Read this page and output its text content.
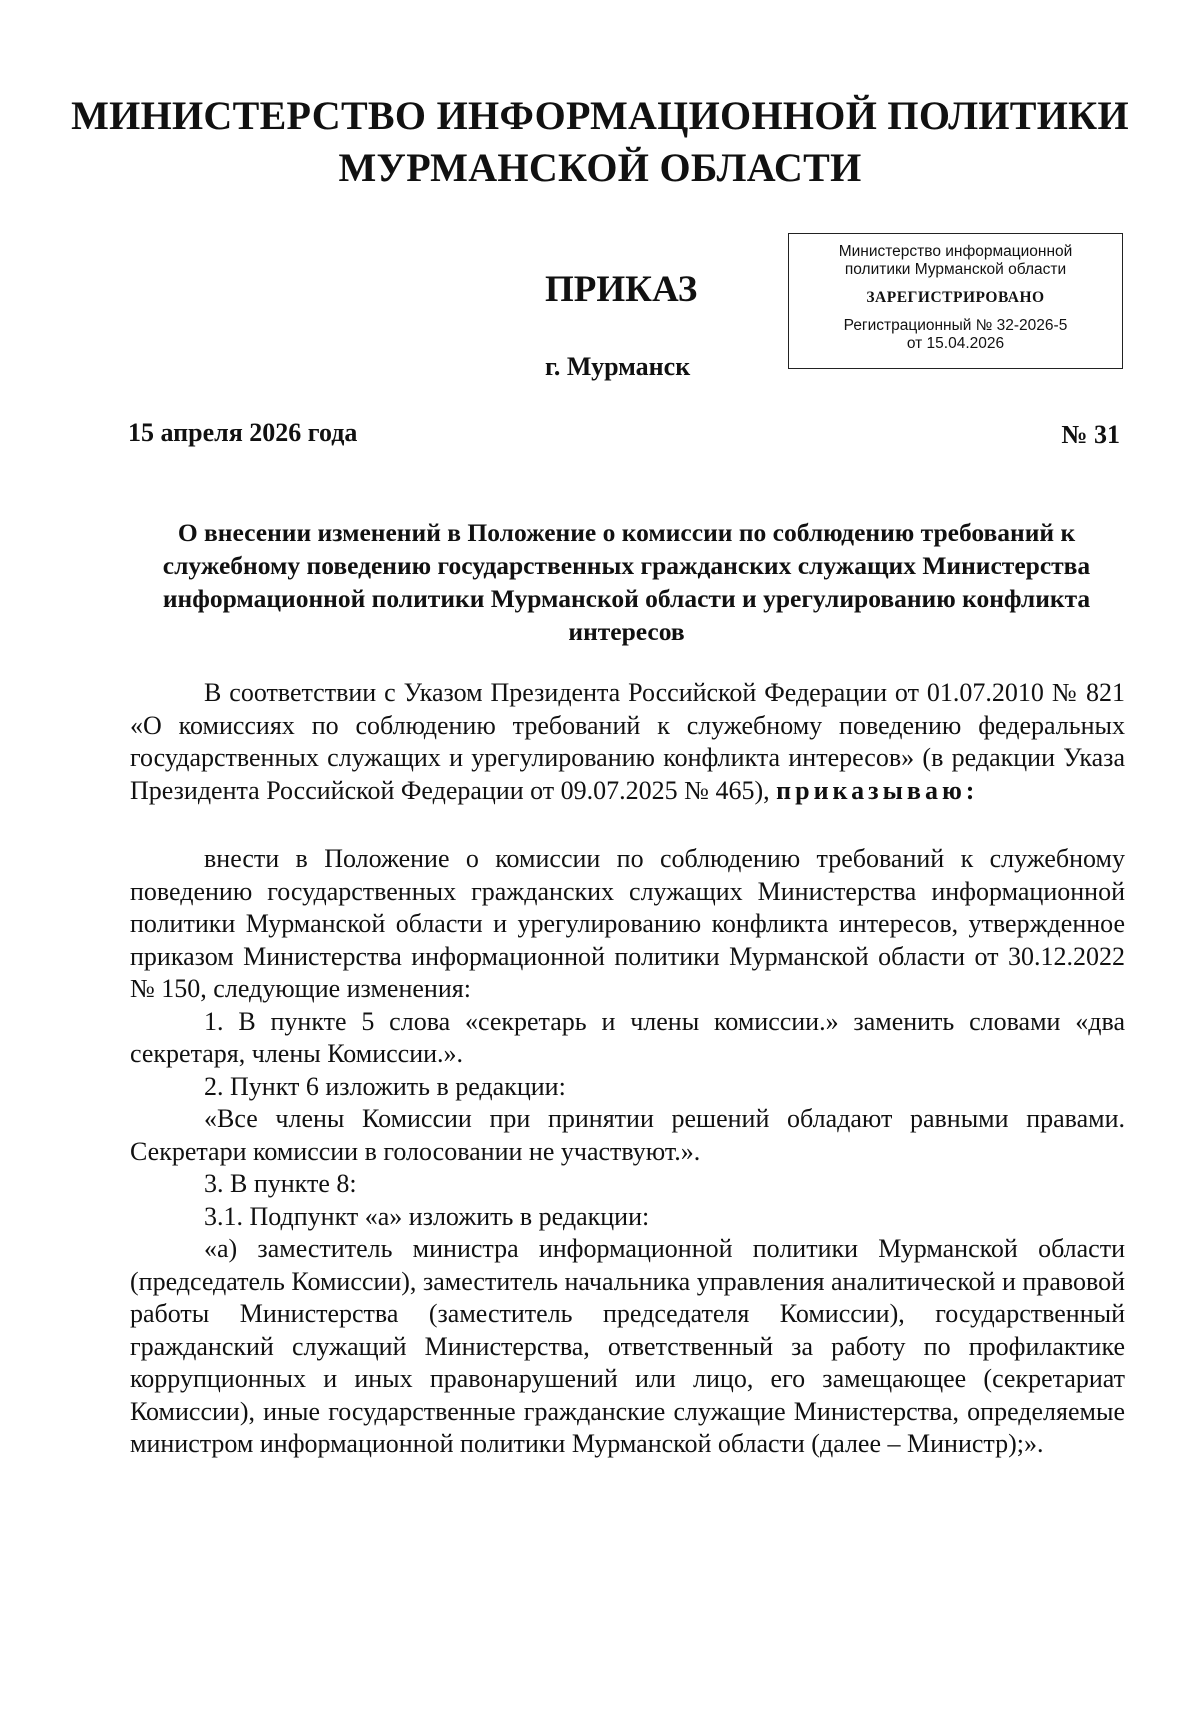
МИНИСТЕРСТВО ИНФОРМАЦИОННОЙ ПОЛИТИКИ
МУРМАНСКОЙ ОБЛАСТИ
ПРИКАЗ
Министерство информационной
политики Мурманской области
ЗАРЕГИСТРИРОВАНО
Регистрационный № 32-2026-5
от 15.04.2026
г. Мурманск
15 апреля 2026 года	№ 31
О внесении изменений в Положение о комиссии по соблюдению требований к служебному поведению государственных гражданских служащих Министерства информационной политики Мурманской области и урегулированию конфликта интересов

В соответствии с Указом Президента Российской Федерации от 01.07.2010 № 821 «О комиссиях по соблюдению требований к служебному поведению федеральных государственных служащих и урегулированию конфликта интересов» (в редакции Указа Президента Российской Федерации от 09.07.2025 № 465), приказываю:

внести в Положение о комиссии по соблюдению требований к служебному поведению государственных гражданских служащих Министерства информационной политики Мурманской области и урегулированию конфликта интересов, утвержденное приказом Министерства информационной политики Мурманской области от 30.12.2022 № 150, следующие изменения:

1. В пункте 5 слова «секретарь и члены комиссии.» заменить словами «два секретаря, члены Комиссии.».

2. Пункт 6 изложить в редакции:

«Все члены Комиссии при принятии решений обладают равными правами. Секретари комиссии в голосовании не участвуют.».

3. В пункте 8:

3.1. Подпункт «а» изложить в редакции:

«а) заместитель министра информационной политики Мурманской области (председатель Комиссии), заместитель начальника управления аналитической и правовой работы Министерства (заместитель председателя Комиссии), государственный гражданский служащий Министерства, ответственный за работу по профилактике коррупционных и иных правонарушений или лицо, его замещающее (секретариат Комиссии), иные государственные гражданские служащие Министерства, определяемые министром информационной политики Мурманской области (далее – Министр);».
